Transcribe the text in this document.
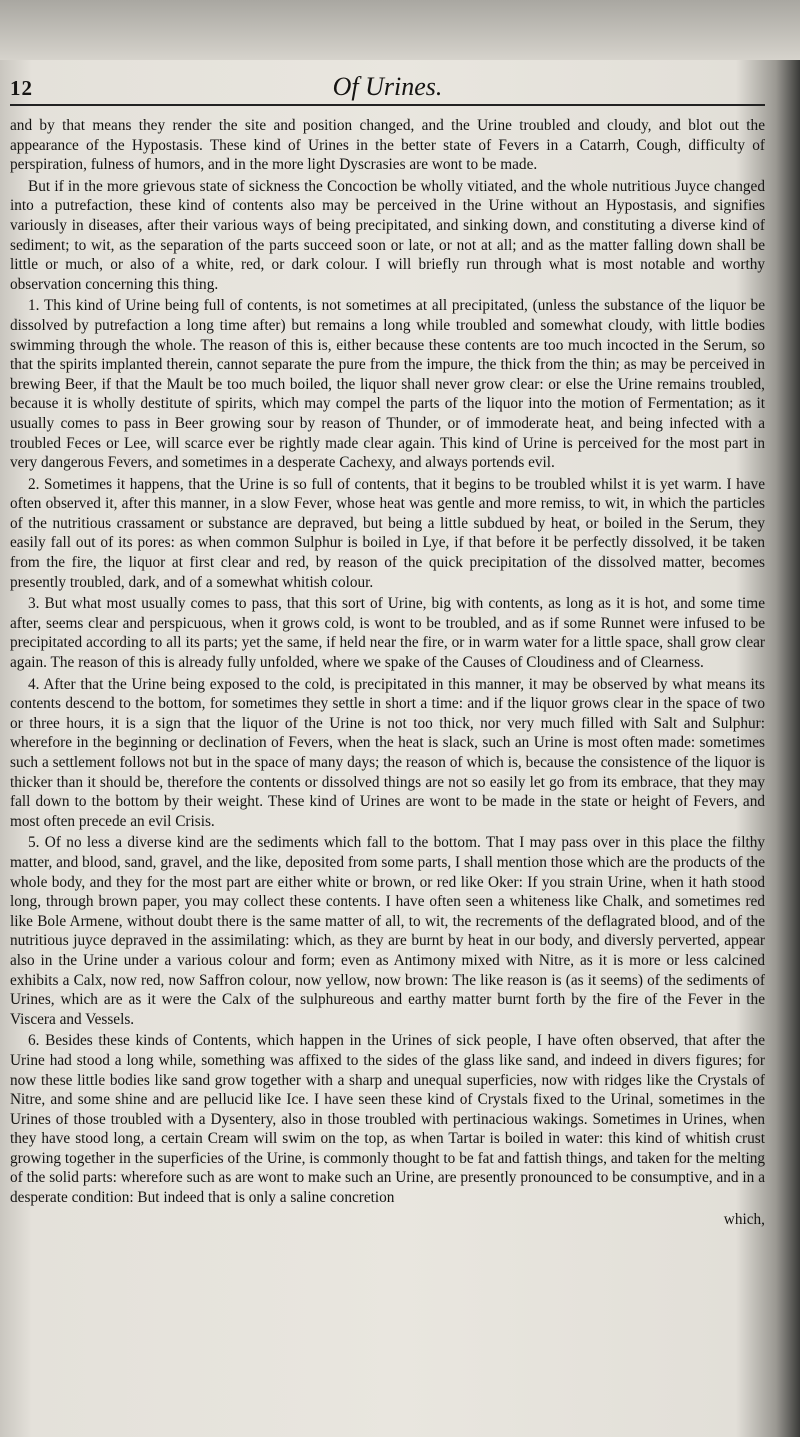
12	Of Urines.

and by that means they render the site and position changed, and the Urine troubled and cloudy, and blot out the appearance of the Hypostasis. These kind of Urines in the better state of Fevers in a Catarrh, Cough, difficulty of perspiration, fulness of humors, and in the more light Dyscrasies are wont to be made.

But if in the more grievous state of sickness the Concoction be wholly vitiated, and the whole nutritious Juyce changed into a putrefaction, these kind of contents also may be perceived in the Urine without an Hypostasis, and signifies variously in diseases, after their various ways of being precipitated, and sinking down, and constituting a diverse kind of sediment; to wit, as the separation of the parts succeed soon or late, or not at all; and as the matter falling down shall be little or much, or also of a white, red, or dark colour. I will briefly run through what is most notable and worthy observation concerning this thing.

1. This kind of Urine being full of contents, is not sometimes at all precipitated, (unless the substance of the liquor be dissolved by putrefaction a long time after) but remains a long while troubled and somewhat cloudy, with little bodies swimming through the whole. The reason of this is, either because these contents are too much incocted in the Serum, so that the spirits implanted therein, cannot separate the pure from the impure, the thick from the thin; as may be perceived in brewing Beer, if that the Mault be too much boiled, the liquor shall never grow clear: or else the Urine remains troubled, because it is wholly destitute of spirits, which may compel the parts of the liquor into the motion of Fermentation; as it usually comes to pass in Beer growing sour by reason of Thunder, or of immoderate heat, and being infected with a troubled Feces or Lee, will scarce ever be rightly made clear again. This kind of Urine is perceived for the most part in very dangerous Fevers, and sometimes in a desperate Cachexy, and always portends evil.

2. Sometimes it happens, that the Urine is so full of contents, that it begins to be troubled whilst it is yet warm. I have often observed it, after this manner, in a slow Fever, whose heat was gentle and more remiss, to wit, in which the particles of the nutritious crassament or substance are depraved, but being a little subdued by heat, or boiled in the Serum, they easily fall out of its pores: as when common Sulphur is boiled in Lye, if that before it be perfectly dissolved, it be taken from the fire, the liquor at first clear and red, by reason of the quick precipitation of the dissolved matter, becomes presently troubled, dark, and of a somewhat whitish colour.

3. But what most usually comes to pass, that this sort of Urine, big with contents, as long as it is hot, and some time after, seems clear and perspicuous, when it grows cold, is wont to be troubled, and as if some Runnet were infused to be precipitated according to all its parts; yet the same, if held near the fire, or in warm water for a little space, shall grow clear again. The reason of this is already fully unfolded, where we spake of the Causes of Cloudiness and of Clearness.

4. After that the Urine being exposed to the cold, is precipitated in this manner, it may be observed by what means its contents descend to the bottom, for sometimes they settle in short a time: and if the liquor grows clear in the space of two or three hours, it is a sign that the liquor of the Urine is not too thick, nor very much filled with Salt and Sulphur: wherefore in the beginning or declination of Fevers, when the heat is slack, such an Urine is most often made: sometimes such a settlement follows not but in the space of many days; the reason of which is, because the consistence of the liquor is thicker than it should be, therefore the contents or dissolved things are not so easily let go from its embrace, that they may fall down to the bottom by their weight. These kind of Urines are wont to be made in the state or height of Fevers, and most often precede an evil Crisis.

5. Of no less a diverse kind are the sediments which fall to the bottom. That I may pass over in this place the filthy matter, and blood, sand, gravel, and the like, deposited from some parts, I shall mention those which are the products of the whole body, and they for the most part are either white or brown, or red like Oker: If you strain Urine, when it hath stood long, through brown paper, you may collect these contents. I have often seen a whiteness like Chalk, and sometimes red like Bole Armene, without doubt there is the same matter of all, to wit, the recrements of the deflagrated blood, and of the nutritious juyce depraved in the assimilating: which, as they are burnt by heat in our body, and diversly perverted, appear also in the Urine under a various colour and form; even as Antimony mixed with Nitre, as it is more or less calcined exhibits a Calx, now red, now Saffron colour, now yellow, now brown: The like reason is (as it seems) of the sediments of Urines, which are as it were the Calx of the sulphureous and earthy matter burnt forth by the fire of the Fever in the Viscera and Vessels.

6. Besides these kinds of Contents, which happen in the Urines of sick people, I have often observed, that after the Urine had stood a long while, something was affixed to the sides of the glass like sand, and indeed in divers figures; for now these little bodies like sand grow together with a sharp and unequal superficies, now with ridges like the Crystals of Nitre, and some shine and are pellucid like Ice. I have seen these kind of Crystals fixed to the Urinal, sometimes in the Urines of those troubled with a Dysentery, also in those troubled with pertinacious wakings. Sometimes in Urines, when they have stood long, a certain Cream will swim on the top, as when Tartar is boiled in water: this kind of whitish crust growing together in the superficies of the Urine, is commonly thought to be fat and fattish things, and taken for the melting of the solid parts: wherefore such as are wont to make such an Urine, are presently pronounced to be consumptive, and in a desperate condition: But indeed that is only a saline concretion

which,
